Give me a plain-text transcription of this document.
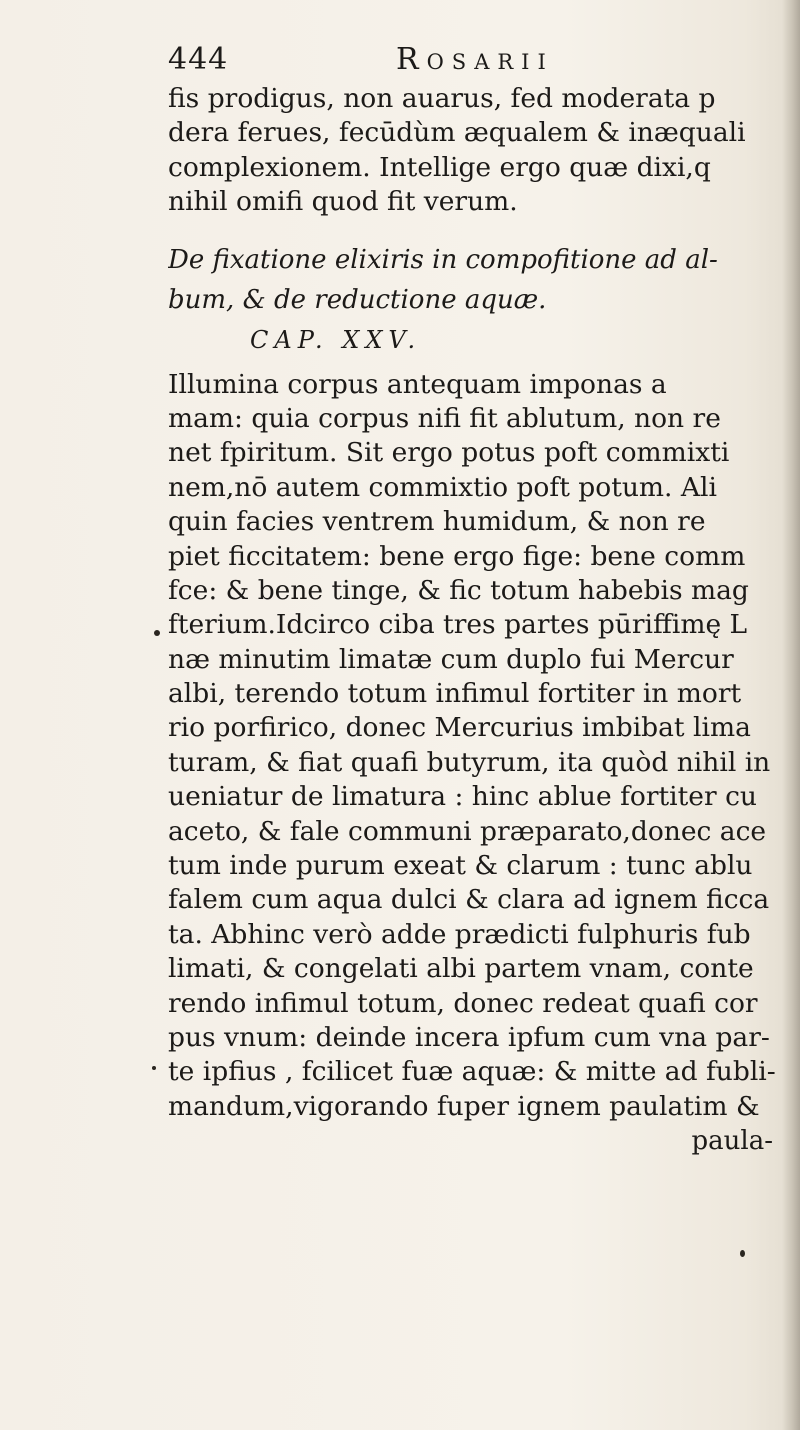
444	Rosarii
fis prodigus, non auarus, fed moderata p
dera ferues, fecūdùm æqualem & inæquali
complexionem. Intellige ergo quæ dixi,q
nihil omifi quod fit verum.
De fixatione elixiris in compofitione ad al-
bum, & de reductione aquæ.
CAP. XXV.
Illumina corpus antequam imponas a
mam: quia corpus nifi fit ablutum, non re
net fpiritum. Sit ergo potus poft commixti
nem,nō autem commixtio poft potum. Ali
quin facies ventrem humidum, & non re
piet ficcitatem: bene ergo fige: bene comm
fce: & bene tinge, & fic totum habebis mag
fterium.Idcirco ciba tres partes pūriffimę L
næ minutim limatæ cum duplo fui Mercur
albi, terendo totum infimul fortiter in mort
rio porfirico, donec Mercurius imbibat lima
turam, & fiat quafi butyrum, ita quòd nihil in
ueniatur de limatura : hinc ablue fortiter cu
aceto, & fale communi præparato,donec ace
tum inde purum exeat & clarum : tunc ablu
falem cum aqua dulci & clara ad ignem ficca
ta. Abhinc verò adde prædicti fulphuris fub
limati, & congelati albi partem vnam, conte
rendo infimul totum, donec redeat quafi cor
pus vnum: deinde incera ipfum cum vna par-
te ipfius , fcilicet fuæ aquæ: & mitte ad fubli-
mandum,vigorando fuper ignem paulatim &
paula-
